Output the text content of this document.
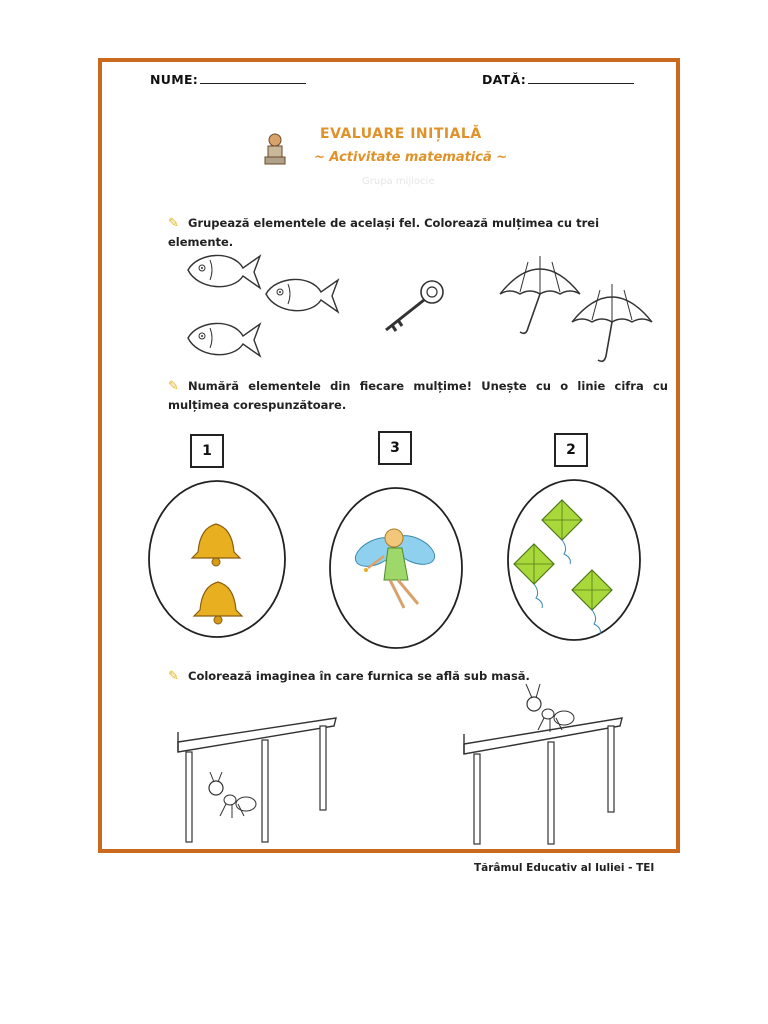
NUME:	DATĂ:
EVALUARE INIȚIALĂ
~ Activitate matematică ~
Grupa mijlocie
✎ Grupează elementele de același fel. Colorează mulțimea cu trei elemente.
✎ Numără elementele din fiecare mulțime! Unește cu o linie cifra cu mulțimea corespunzătoare.
✎ Colorează imaginea în care furnica se află sub masă.
1	3	2
Tărâmul Educativ al Iuliei - TEI
